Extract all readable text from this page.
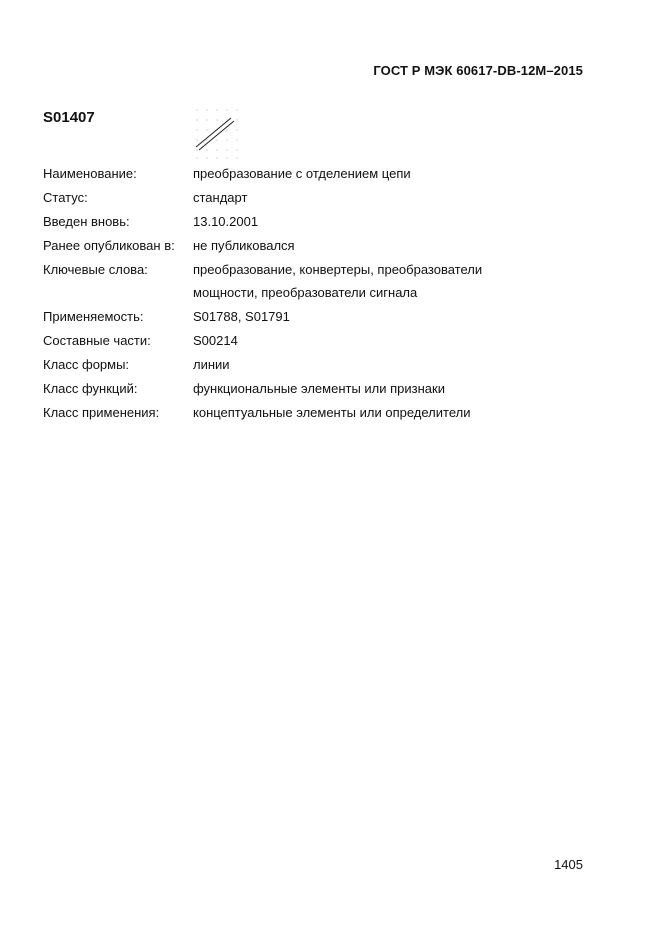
ГОСТ Р МЭК 60617-DB-12M–2015
S01407
Наименование:	преобразование с отделением цепи
Статус:	стандарт
Введен вновь:	13.10.2001
Ранее опубликован в:	не публиковался
Ключевые слова:	преобразование, конвертеры, преобразователи
мощности, преобразователи сигнала

Применяемость:	S01788, S01791
Составные части:	S00214
Класс формы:	линии
Класс функций:	функциональные элементы или признаки
Класс применения:	концептуальные элементы или определители
1405
